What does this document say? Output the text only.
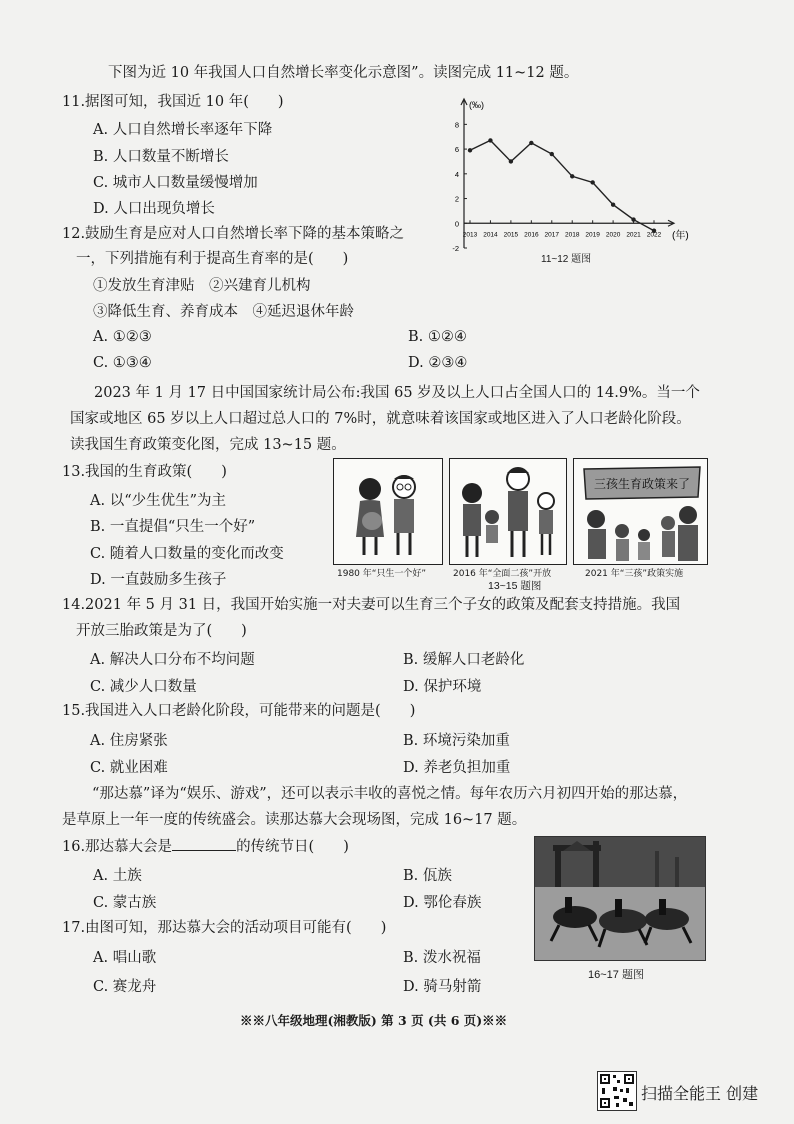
下图为近 10 年我国人口自然增长率变化示意图”。读图完成 11~12 题。
11.据图可知，我国近 10 年(　　)
A. 人口自然增长率逐年下降
B. 人口数量不断增长
C. 城市人口数量缓慢增加
D. 人口出现负增长
8
6
4
2
0
-2
(‰)
(年)
2013 2014 2015 2016 2017 2018 2019 2020 2021 2022
11~12 题图
12.鼓励生育是应对人口自然增长率下降的基本策略之
一，下列措施有利于提高生育率的是(　　)
①发放生育津贴　②兴建育儿机构
③降低生育、养育成本　④延迟退休年龄
A. ①②③	B. ①②④
C. ①③④	D. ②③④
2023 年 1 月 17 日中国国家统计局公布:我国 65 岁及以上人口占全国人口的 14.9%。当一个
国家或地区 65 岁以上人口超过总人口的 7%时，就意味着该国家或地区进入了人口老龄化阶段。
读我国生育政策变化图，完成 13~15 题。
13.我国的生育政策(　　)
A. 以“少生优生”为主
B. 一直提倡“只生一个好”
C. 随着人口数量的变化而改变
D. 一直鼓励多生孩子
三孩生育政策来了
1980 年“只生一个好”	2016 年“全面二孩”开放	2021 年“三孩”政策实施
13~15 题图
14.2021 年 5 月 31 日，我国开始实施一对夫妻可以生育三个子女的政策及配套支持措施。我国
开放三胎政策是为了(　　)
A. 解决人口分布不均问题	B. 缓解人口老龄化
C. 减少人口数量	D. 保护环境
15.我国进入人口老龄化阶段，可能带来的问题是(　　)
A. 住房紧张	B. 环境污染加重
C. 就业困难	D. 养老负担加重
“那达慕”译为“娱乐、游戏”，还可以表示丰收的喜悦之情。每年农历六月初四开始的那达慕，
是草原上一年一度的传统盛会。读那达慕大会现场图，完成 16~17 题。
16.那达慕大会是	的传统节日(　　)
A. 土族	B. 佤族
C. 蒙古族	D. 鄂伦春族
17.由图可知，那达慕大会的活动项目可能有(　　)
A. 唱山歌	B. 泼水祝福
C. 赛龙舟	D. 骑马射箭
16~17 题图
※※八年级地理(湘教版) 第 3 页 (共 6 页)※※
扫描全能王 创建
